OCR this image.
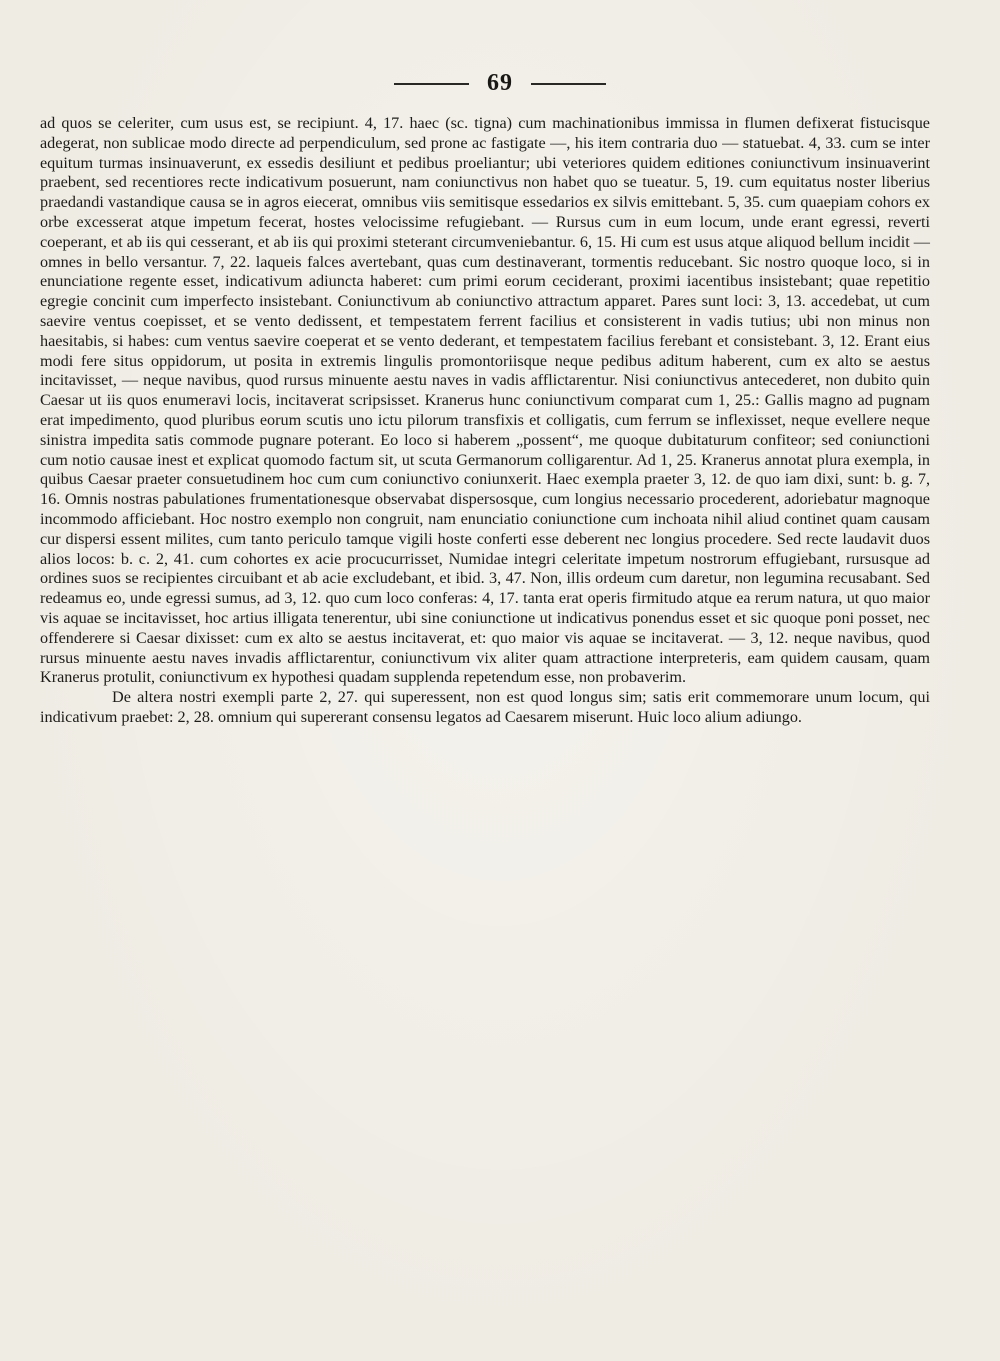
69

ad quos se celeriter, cum usus est, se recipiunt. 4, 17. haec (sc. tigna) cum machinationibus immissa in flumen defixerat fistucisque adegerat, non sublicae modo directe ad perpendiculum, sed prone ac fastigate —, his item contraria duo — statuebat. 4, 33. cum se inter equitum turmas insinuaverunt, ex essedis desiliunt et pedibus proeliantur; ubi veteriores quidem editiones coniunctivum insinuaverint praebent, sed recentiores recte indicativum posuerunt, nam coniunctivus non habet quo se tueatur. 5, 19. cum equitatus noster liberius praedandi vastandique causa se in agros eiecerat, omnibus viis semitisque essedarios ex silvis emittebant. 5, 35. cum quaepiam cohors ex orbe excesserat atque impetum fecerat, hostes velocissime refugiebant. — Rursus cum in eum locum, unde erant egressi, reverti coeperant, et ab iis qui cesserant, et ab iis qui proximi steterant circumveniebantur. 6, 15. Hi cum est usus atque aliquod bellum incidit — omnes in bello versantur. 7, 22. laqueis falces avertebant, quas cum destinaverant, tormentis reducebant. Sic nostro quoque loco, si in enunciatione regente esset, indicativum adiuncta haberet: cum primi eorum ceciderant, proximi iacentibus insistebant; quae repetitio egregie concinit cum imperfecto insistebant. Coniunctivum ab coniunctivo attractum apparet. Pares sunt loci: 3, 13. accedebat, ut cum saevire ventus coepisset, et se vento dedissent, et tempestatem ferrent facilius et consisterent in vadis tutius; ubi non minus non haesitabis, si habes: cum ventus saevire coeperat et se vento dederant, et tempestatem facilius ferebant et consistebant. 3, 12. Erant eius modi fere situs oppidorum, ut posita in extremis lingulis promontoriisque neque pedibus aditum haberent, cum ex alto se aestus incitavisset, — neque navibus, quod rursus minuente aestu naves in vadis afflictarentur. Nisi coniunctivus antecederet, non dubito quin Caesar ut iis quos enumeravi locis, incitaverat scripsisset. Kranerus hunc coniunctivum comparat cum 1, 25.: Gallis magno ad pugnam erat impedimento, quod pluribus eorum scutis uno ictu pilorum transfixis et colligatis, cum ferrum se inflexisset, neque evellere neque sinistra impedita satis commode pugnare poterant. Eo loco si haberem „possent“, me quoque dubitaturum confiteor; sed coniunctioni cum notio causae inest et explicat quomodo factum sit, ut scuta Germanorum colligarentur. Ad 1, 25. Kranerus annotat plura exempla, in quibus Caesar praeter consuetudinem hoc cum cum coniunctivo coniunxerit. Haec exempla praeter 3, 12. de quo iam dixi, sunt: b. g. 7, 16. Omnis nostras pabulationes frumentationesque observabat dispersosque, cum longius necessario procederent, adoriebatur magnoque incommodo afficiebant. Hoc nostro exemplo non congruit, nam enunciatio coniunctione cum inchoata nihil aliud continet quam causam cur dispersi essent milites, cum tanto periculo tamque vigili hoste conferti esse deberent nec longius procedere. Sed recte laudavit duos alios locos: b. c. 2, 41. cum cohortes ex acie procucurrisset, Numidae integri celeritate impetum nostrorum effugiebant, rursusque ad ordines suos se recipientes circuibant et ab acie excludebant, et ibid. 3, 47. Non, illis ordeum cum daretur, non legumina recusabant. Sed redeamus eo, unde egressi sumus, ad 3, 12. quo cum loco conferas: 4, 17. tanta erat operis firmitudo atque ea rerum natura, ut quo maior vis aquae se incitavisset, hoc artius illigata tenerentur, ubi sine coniunctione ut indicativus ponendus esset et sic quoque poni posset, nec offenderere si Caesar dixisset: cum ex alto se aestus incitaverat, et: quo maior vis aquae se incitaverat. — 3, 12. neque navibus, quod rursus minuente aestu naves invadis afflictarentur, coniunctivum vix aliter quam attractione interpreteris, eam quidem causam, quam Kranerus protulit, coniunctivum ex hypothesi quadam supplenda repetendum esse, non probaverim.

De altera nostri exempli parte 2, 27. qui superessent, non est quod longus sim; satis erit commemorare unum locum, qui indicativum praebet: 2, 28. omnium qui supererant consensu legatos ad Caesarem miserunt. Huic loco alium adiungo.
